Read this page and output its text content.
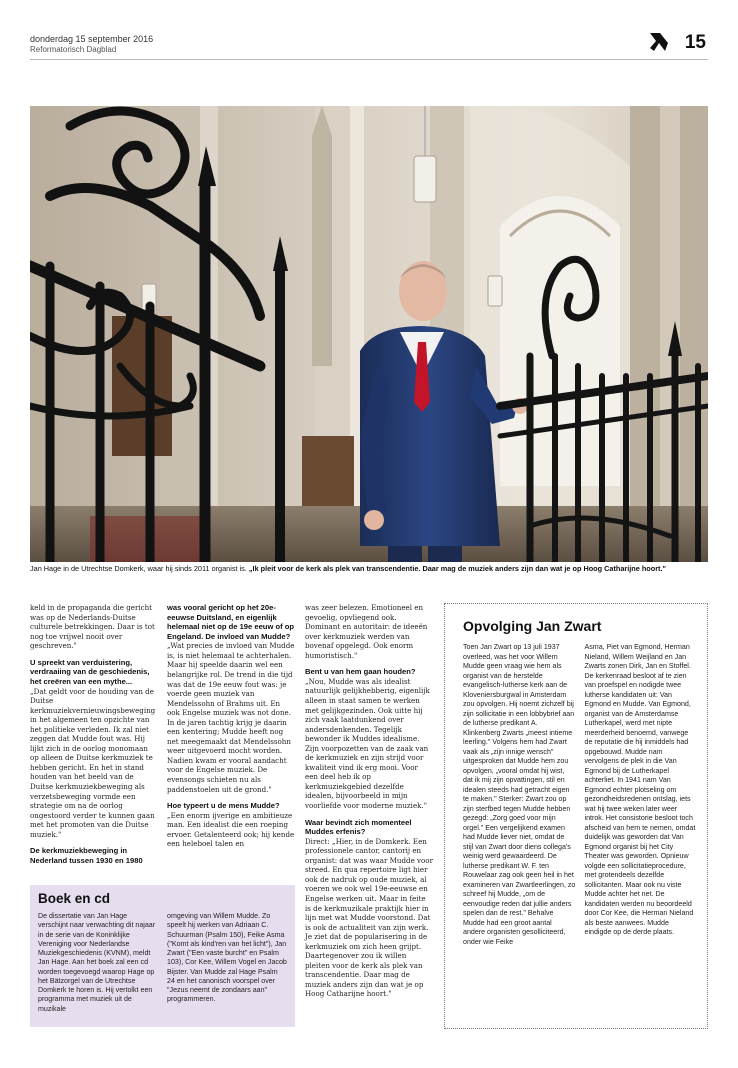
donderdag 15 september 2016
Reformatorisch Dagblad	15
Jan Hage in de Utrechtse Domkerk, waar hij sinds 2011 organist is. „Ik pleit voor de kerk als plek van transcendentie. Daar mag de muziek anders zijn dan wat je op Hoog Catharijne hoort."

keld in de propaganda die gericht was op de Nederlands-Duitse culturele betrekkingen. Daar is tot nog toe vrijwel nooit over geschreven."

U spreekt van verduistering, verdraaiing van de geschiedenis, het creëren van een mythe...

„Dat geldt voor de houding van de Duitse kerkmuziekvernieuwingsbeweging in het algemeen ten opzichte van het politieke verleden. Ik zal niet zeggen dat Mudde fout was. Hij lijkt zich in de oorlog monomaan op alleen de Duitse kerkmuziek te hebben gericht. En het in stand houden van het beeld van de Duitse kerkmuziekbeweging als verzetsbeweging vormde een strategie om na de oorlog ongestoord verder te kunnen gaan met het promoten van die Duitse muziek."

De kerkmuziekbeweging in Nederland tussen 1930 en 1980

was vooral gericht op het 20e-eeuwse Duitsland, en eigenlijk helemaal niet op de 19e eeuw of op Engeland. De invloed van Mudde?

„Wat precies de invloed van Mudde is, is niet helemaal te achterhalen. Maar hij speelde daarin wel een belangrijke rol. De trend in die tijd was dat de 19e eeuw fout was: je voerde geen muziek van Mendelssohn of Brahms uit. En ook Engelse muziek was not done. In de jaren tachtig krijg je daarin een kentering; Mudde heeft nog net meegemaakt dat Mendelssohn weer uitgevoerd mocht worden. Nadien kwam er vooral aandacht voor de Engelse muziek. De evensongs schieten nu als paddenstoelen uit de grond."

Hoe typeert u de mens Mudde?

„Een enorm ijverige en ambitieuze man. Een idealist die een roeping ervoer. Getalenteerd ook; hij kende een heleboel talen en

was zeer belezen. Emotioneel en gevoelig, opvliegend ook. Dominant en autoritair: de ideeën over kerkmuziek werden van bovenaf opgelegd. Ook enorm humoristisch."

Bent u van hem gaan houden?

„Nou, Mudde was als idealist natuurlijk gelijkhebberig, eigenlijk alleen in staat samen te werken met gelijkgezinden. Ook uitte hij zich vaak laatdunkend over andersdenkenden. Tegelijk bewonder ik Muddes idealisme. Zijn voorpozetten van de zaak van de kerkmuziek en zijn strijd voor kwaliteit vind ik erg mooi. Voor een deel heb ik op kerkmuziekgebied dezelfde idealen, bijvoorbeeld in mijn voorliefde voor moderne muziek."

Waar bevindt zich momenteel Muddes erfenis?

Direct: „Hier, in de Domkerk. Een professionele cantor, cantorij en organist: dat was waar Mudde voor streed. En qua repertoire ligt hier ook de nadruk op oude muziek, al voeren we ook wel 19e-eeuwse en Engelse werken uit. Maar in feite is de kerkmuzikale praktijk hier in lijn met wat Mudde voorstond. Dat is ook de actualiteit van zijn werk. Je ziet dat de popularisering in de kerkmuziek om zich heen grijpt. Daartegenover zou ik willen pleiten voor de kerk als plek van transcendentie. Daar mag de muziek anders zijn dan wat je op Hoog Catharijne hoort."

Boek en cd
De dissertatie van Jan Hage verschijnt naar verwachting dit najaar in de serie van de Koninklijke Vereniging voor Nederlandse Muziekgeschiedenis (KVNM), meldt Jan Hage. Aan het boek zal een cd worden toegevoegd waarop Hage op het Bätzorgel van de Utrechtse Domkerk te horen is. Hij vertolkt een programma met muziek uit de muzikale
omgeving van Willem Mudde. Zo speelt hij werken van Adriaan C. Schuurman (Psalm 150), Feike Asma ("Komt als kind'ren van het licht"), Jan Zwart ("Een vaste burcht" en Psalm 103), Cor Kee, Willem Vogel en Jacob Bijster. Van Mudde zal Hage Psalm 24 en het canonisch voorspel over "Jezus neemt de zondaars aan" programmeren.
Opvolging Jan Zwart
Toen Jan Zwart op 13 juli 1937 overleed, was het voor Willem Mudde geen vraag wie hem als organist van de herstelde evangelisch-lutherse kerk aan de Kloveniersburgwal in Amsterdam zou opvolgen. Hij noemt zichzelf bij zijn sollicitatie in een lobbybrief aan de lutherse predikant A. Klinkenberg Zwarts „meest intieme leerling." Volgens hem had Zwart vaak als „zijn innige wensch" uitgesproken dat Mudde hem zou opvolgen, „vooral omdat hij wist, dat ik mij zijn opvattingen, stil en idealen steeds had getracht eigen te maken." Sterker: Zwart zou op zijn sterfbed tegen Mudde hebben gezegd: „Zorg goed voor mijn orgel." Een vergelijkend examen had Mudde liever niet, omdat de stijl van Zwart door diens collega's weinig werd gewaardeerd. De lutherse predikant W. F. ten Rouwelaar zag ook geen heil in het examineren van Zwartleerlingen, zo schreef hij Mudde, „om de eenvoudige reden dat jullie anders spelen dan de rest." Behalve Mudde had een groot aantal andere organisten gesolliciteerd, onder wie Feike
Asma, Piet van Egmond, Herman Nieland, Willem Weijland en Jan Zwarts zonen Dirk, Jan en Stoffel. De kerkenraad besloot af te zien van proefspel en nodigde twee lutherse kandidaten uit: Van Egmond en Mudde. Van Egmond, organist van de Amsterdamse Lutherkapel, werd met nipte meerderheid benoemd, vanwege de reputatie die hij inmiddels had opgebouwd. Mudde nam vervolgens de plek in die Van Egmond bij de Lutherkapel achterliet. In 1941 nam Van Egmond echter plotseling om gezondheidsredenen ontslag, iets wat hij twee weken later weer introk. Het consistorie besloot toch afscheid van hem te nemen, omdat duidelijk was geworden dat Van Egmond organist bij het City Theater was geworden. Opnieuw volgde een sollicitatieprocedure, met grotendeels dezelfde sollicitanten. Maar ook nu viste Mudde achter het net. De kandidaten werden nu beoordeeld door Cor Kee, die Herman Nieland als beste aanwees. Mudde eindigde op de derde plaats.
